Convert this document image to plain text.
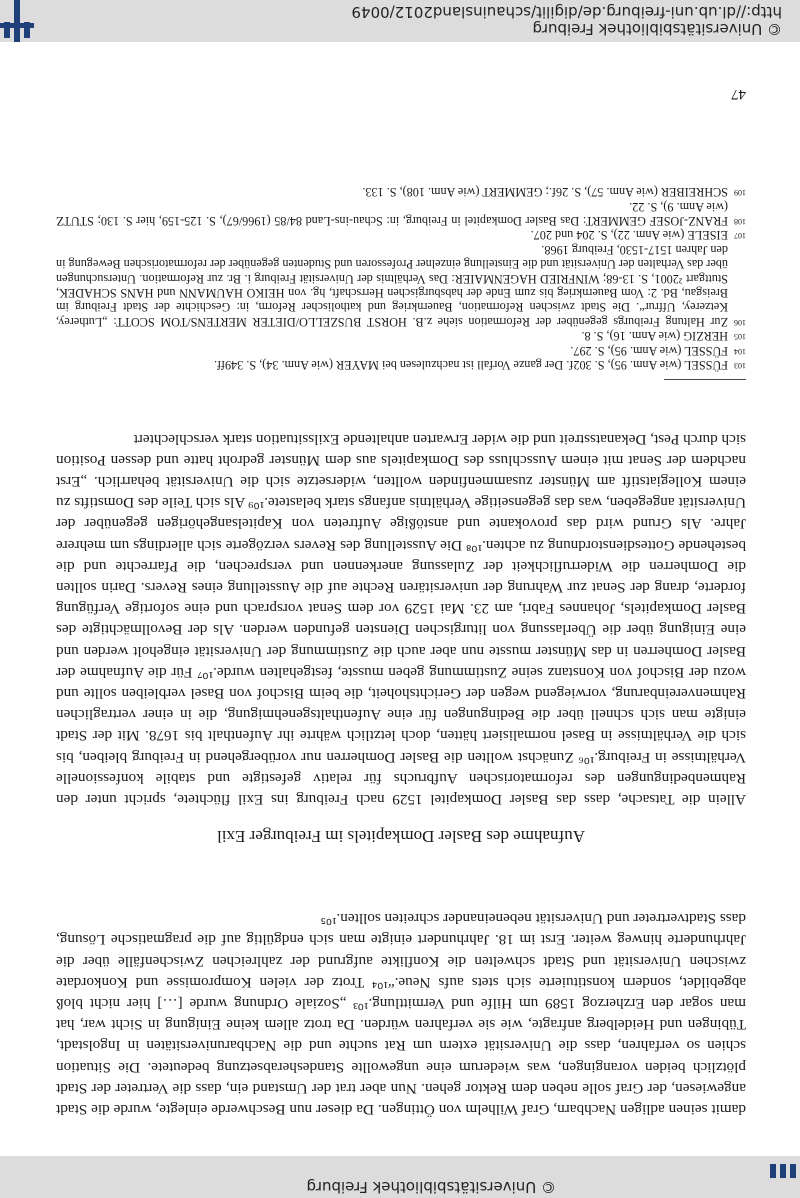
© Universitätsbibliothek Freiburg

damit seinen adligen Nachbarn, Graf Wilhelm von Öttingen. Da dieser nun Beschwerde einlegte, wurde die Stadt angewiesen, der Graf solle neben dem Rektor gehen. Nun aber trat der Umstand ein, dass die Vertreter der Stadt plötzlich beiden vorangingen, was wiederum eine ungewollte Standesherabsetzung bedeutete. Die Situation schien so verfahren, dass die Universität extern um Rat suchte und die Nachbaruniversitäten in Ingolstadt, Tübingen und Heidelberg anfragte, wie sie verfahren würden. Da trotz allem keine Einigung in Sicht war, hat man sogar den Erzherzog 1589 um Hilfe und Vermittlung.¹⁰³ „Soziale Ordnung wurde […] hier nicht bloß abgebildet, sondern konstituierte sich stets aufs Neue.“¹⁰⁴ Trotz der vielen Kompromisse und Konkordate zwischen Universität und Stadt schwelten die Konflikte aufgrund der zahlreichen Zwischenfälle über die Jahrhunderte hinweg weiter. Erst im 18. Jahrhundert einigte man sich endgültig auf die pragmatische Lösung, dass Stadtvertreter und Universität nebeneinander schreiten sollten.¹⁰⁵

Aufnahme des Basler Domkapitels im Freiburger Exil

Allein die Tatsache, dass das Basler Domkapitel 1529 nach Freiburg ins Exil flüchtete, spricht unter den Rahmenbedingungen des reformatorischen Aufbruchs für relativ gefestigte und stabile konfessionelle Verhältnisse in Freiburg.¹⁰⁶ Zunächst wollten die Basler Domherren nur vorübergehend in Freiburg bleiben, bis sich die Verhältnisse in Basel normalisiert hätten, doch letztlich währte ihr Aufenthalt bis 1678. Mit der Stadt einigte man sich schnell über die Bedingungen für eine Aufenthaltsgenehmigung, die in einer vertraglichen Rahmenvereinbarung, vorwiegend wegen der Gerichtshoheit, die beim Bischof von Basel verbleiben sollte und wozu der Bischof von Konstanz seine Zustimmung geben musste, festgehalten wurde.¹⁰⁷ Für die Aufnahme der Basler Domherren in das Münster musste nun aber auch die Zustimmung der Universität eingeholt werden und eine Einigung über die Überlassung von liturgischen Diensten gefunden werden. Als der Bevollmächtigte des Basler Domkapitels, Johannes Fabri, am 23. Mai 1529 vor dem Senat vorsprach und eine sofortige Verfügung forderte, drang der Senat zur Wahrung der universitären Rechte auf die Ausstellung eines Revers. Darin sollten die Domherren die Widerruflichkeit der Zulassung anerkennen und versprechen, die Pfarrechte und die bestehende Gottesdienstordnung zu achten.¹⁰⁸ Die Ausstellung des Revers verzögerte sich allerdings um mehrere Jahre. Als Grund wird das provokante und anstößige Auftreten von Kapitelsangehörigen gegenüber der Universität angegeben, was das gegenseitige Verhältnis anfangs stark belastete.¹⁰⁹ Als sich Teile des Domstifts zu einem Kollegiatstift am Münster zusammenfinden wollten, widersetzte sich die Universität beharrlich. „Erst nachdem der Senat mit einem Ausschluss des Domkapitels aus dem Münster gedroht hatte und dessen Position sich durch Pest, Dekanatsstreit und die wider Erwarten anhaltende Exilssituation stark verschlechtert

103FÜSSEL (wie Anm. 95), S. 302f. Der ganze Vorfall ist nachzulesen bei MAYER (wie Anm. 34), S. 349ff.

104FÜSSEL (wie Anm. 95), S. 297.

105HERZIG (wie Anm. 16), S. 8.

106Zur Haltung Freiburgs gegenüber der Reformation siehe z.B. HORST BUSZELLO/DIETER MERTENS/TOM SCOTT: „Lutherey, Ketzerey, Uffrur“. Die Stadt zwischen Reformation, Bauernkrieg und katholischer Reform, in: Geschichte der Stadt Freiburg im Breisgau, Bd. 2: Vom Bauernkrieg bis zum Ende der habsburgischen Herrschaft, hg. von HEIKO HAUMANN und HANS SCHADEK, Stuttgart ²2001, S. 13-68; WINFRIED HAGENMAIER: Das Verhältnis der Universität Freiburg i. Br. zur Reformation. Untersuchungen über das Verhalten der Universität und die Einstellung einzelner Professoren und Studenten gegenüber der reformatorischen Bewegung in den Jahren 1517-1530, Freiburg 1968.

107EISELE (wie Anm. 22), S. 204 und 207.

108FRANZ-JOSEF GEMMERT: Das Basler Domkapitel in Freiburg, in: Schau-ins-Land 84/85 (1966/67), S. 125-159, hier S. 130; STUTZ (wie Anm. 9), S. 22.

109SCHREIBER (wie Anm. 57), S. 26f.; GEMMERT (wie Anm. 108), S. 133.

47
© Universitätsbibliothek Freiburg
http://dl.ub.uni-freiburg.de/digilit/schauinsland2012/0049
